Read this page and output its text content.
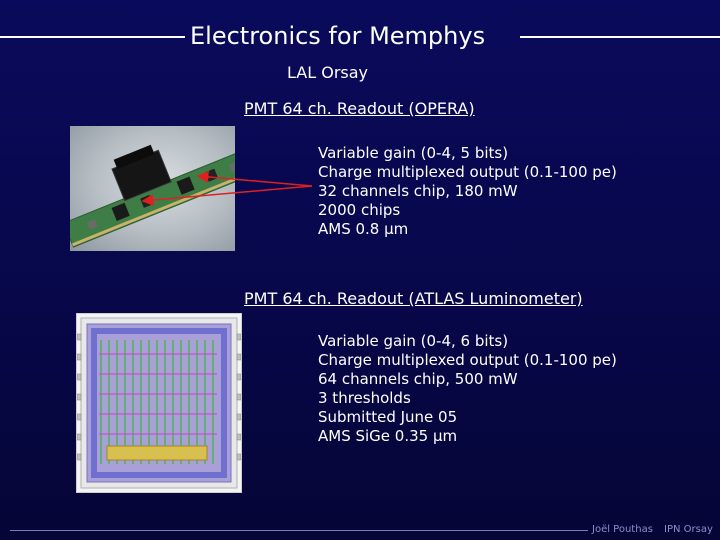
Electronics for Memphys
LAL Orsay
PMT 64 ch. Readout (OPERA)
Variable gain (0-4, 5 bits)
Charge multiplexed output (0.1-100 pe)
32 channels chip, 180 mW
2000 chips
AMS 0.8 µm
PMT 64 ch. Readout (ATLAS Luminometer)
Variable gain (0-4, 6 bits)
Charge multiplexed output (0.1-100 pe)
64 channels chip, 500 mW
3 thresholds
Submitted June 05
AMS SiGe 0.35 µm
Joël Pouthas IPN Orsay
